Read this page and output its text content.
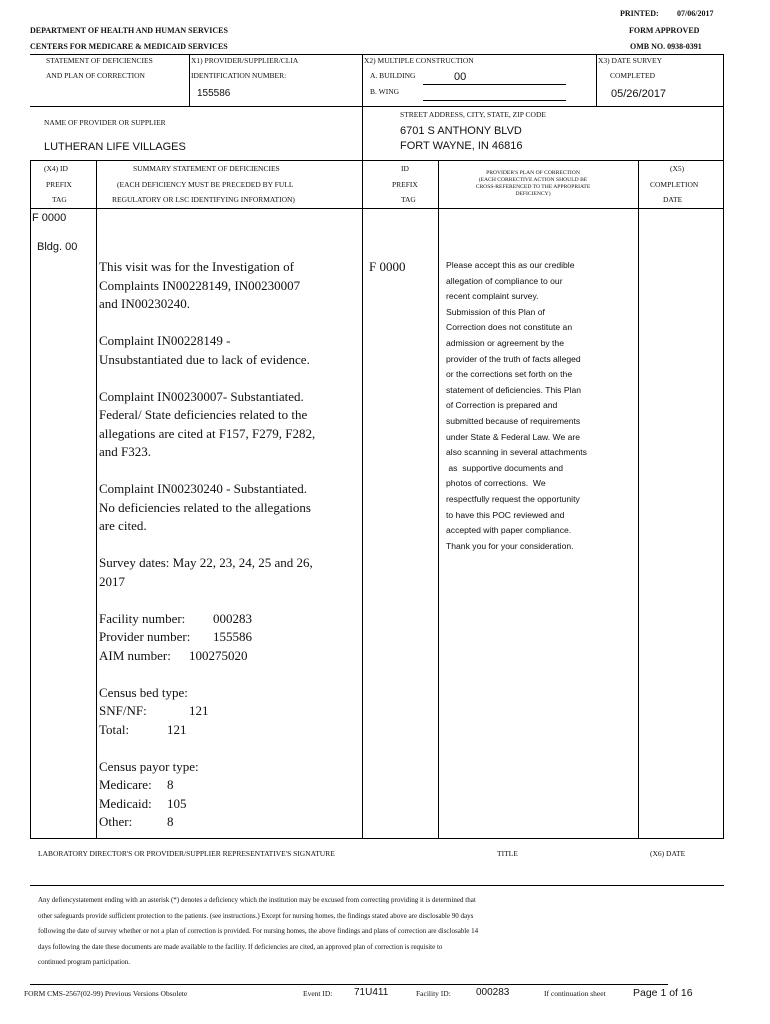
PRINTED: 07/06/2017
DEPARTMENT OF HEALTH AND HUMAN SERVICES
CENTERS FOR MEDICARE & MEDICAID SERVICES
FORM APPROVED
OMB NO. 0938-0391
STATEMENT OF DEFICIENCIES
AND PLAN OF CORRECTION
X1) PROVIDER/SUPPLIER/CLIA
IDENTIFICATION NUMBER:
155586
X2) MULTIPLE CONSTRUCTION
A. BUILDING	00
B. WING
X3) DATE SURVEY
COMPLETED
05/26/2017
NAME OF PROVIDER OR SUPPLIER
LUTHERAN LIFE VILLAGES
STREET ADDRESS, CITY, STATE, ZIP CODE
6701 S ANTHONY BLVD
FORT WAYNE, IN 46816
(X4) ID
PREFIX
TAG
SUMMARY STATEMENT OF DEFICIENCIES
(EACH DEFICIENCY MUST BE PRECEDED BY FULL
REGULATORY OR LSC IDENTIFYING INFORMATION)
ID
PREFIX
TAG
PROVIDER'S PLAN OF CORRECTION
(EACH CORRECTIVE ACTION SHOULD BE
CROSS-REFERENCED TO THE APPROPRIATE
DEFICIENCY)
(X5)
COMPLETION
DATE
F 0000
Bldg. 00
F 0000
This visit was for the Investigation of
Complaints IN00228149, IN00230007
and IN00230240.
Complaint IN00228149 -
Unsubstantiated due to lack of evidence.
Complaint IN00230007- Substantiated.
Federal/ State deficiencies related to the
allegations are cited at F157, F279, F282,
and F323.
Complaint IN00230240 - Substantiated.
No deficiencies related to the allegations
are cited.
Survey dates: May 22, 23, 24, 25 and 26,
2017
Facility number:	000283
Provider number:	155586
AIM number:	100275020
Census bed type:
SNF/NF:	121
Total:	121
Census payor type:
Medicare:	8
Medicaid:	105
Other:	8
Please accept this as our credible
allegation of compliance to our
recent complaint survey.
Submission of this Plan of
Correction does not constitute an
admission or agreement by the
provider of the truth of facts alleged
or the corrections set forth on the
statement of deficiencies. This Plan
of Correction is prepared and
submitted because of requirements
under State & Federal Law. We are
also scanning in several attachments
as  supportive documents and
photos of corrections.  We
respectfully request the opportunity
to have this POC reviewed and
accepted with paper compliance.
Thank you for your consideration.
LABORATORY DIRECTOR'S OR PROVIDER/SUPPLIER REPRESENTATIVE'S SIGNATURE	TITLE	(X6) DATE
Any defiencystatement ending with an asterisk (*) denotes a deficiency which the institution may be excused from correcting providing it is determined that
other safeguards provide sufficient protection to the patients. (see instructions.) Except for nursing homes, the findings stated above are disclosable 90 days
following the date of survey whether or not a plan of correction is provided. For nursing homes, the above findings and plans of correction are disclosable 14
days following the date these documents are made available to the facility. If deficiencies are cited, an approved plan of correction is requisite to
continued program participation.
FORM CMS-2567(02-99) Previous Versions Obsolete	Event ID: 71U411	Facility ID:	000283	If continuation sheet	Page 1 of 16
